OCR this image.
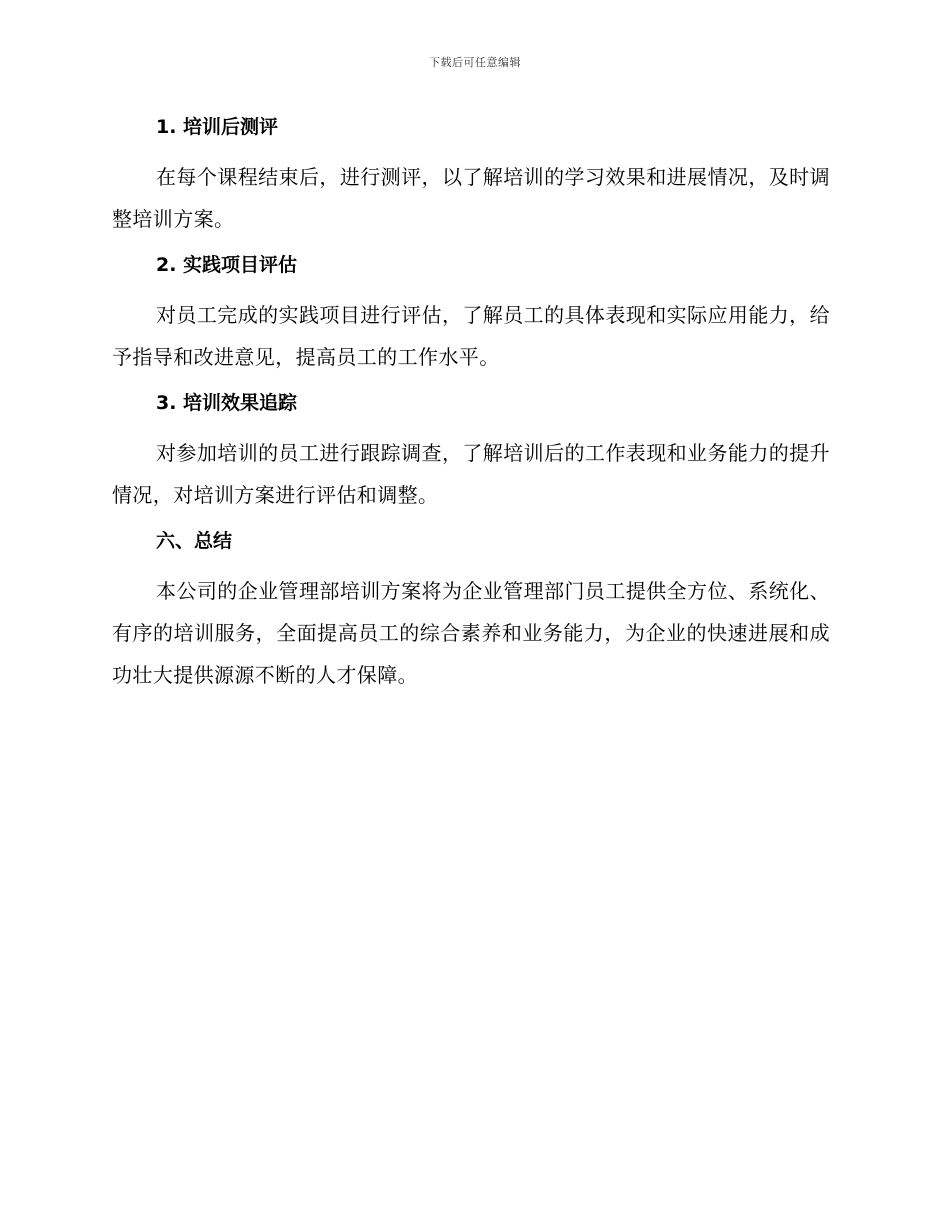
下载后可任意编辑
1. 培训后测评

在每个课程结束后，进行测评，以了解培训的学习效果和进展情况，及时调整培训方案。

2. 实践项目评估

对员工完成的实践项目进行评估，了解员工的具体表现和实际应用能力，给予指导和改进意见，提高员工的工作水平。

3. 培训效果追踪

对参加培训的员工进行跟踪调查，了解培训后的工作表现和业务能力的提升情况，对培训方案进行评估和调整。

六、总结

本公司的企业管理部培训方案将为企业管理部门员工提供全方位、系统化、有序的培训服务，全面提高员工的综合素养和业务能力，为企业的快速进展和成功壮大提供源源不断的人才保障。
